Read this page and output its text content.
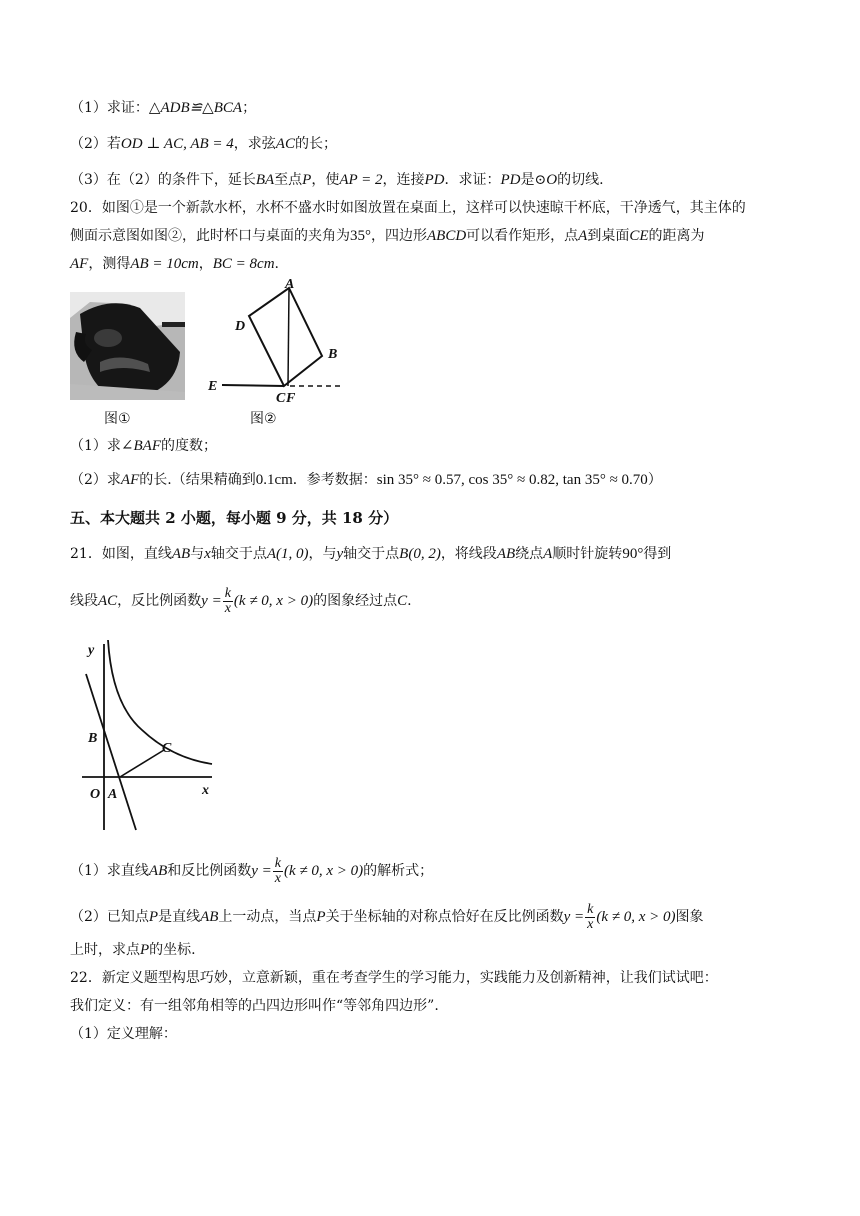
（1）求证：△ADB≌△BCA；
（2）若OD ⊥ AC, AB = 4，求弦AC的长；
（3）在（2）的条件下，延长BA至点P，使AP = 2，连接PD．求证：PD是⊙O的切线.
20．如图①是一个新款水杯，水杯不盛水时如图放置在桌面上，这样可以快速晾干杯底，干净透气，其主体的
侧面示意图如图②，此时杯口与桌面的夹角为35°，四边形ABCD可以看作矩形，点A到桌面CE的距离为
AF，测得AB = 10cm，BC = 8cm.
图①
A
B
D
E
C F
图②
（1）求∠BAF的度数；
（2）求AF的长.（结果精确到0.1cm．参考数据：sin 35° ≈ 0.57, cos 35° ≈ 0.82, tan 35° ≈ 0.70）
五、本大题共 2 小题，每小题 9 分，共 18 分）
21．如图，直线AB与x轴交于点A(1, 0)，与y轴交于点B(0, 2)，将线段AB绕点A顺时针旋转90°得到
线段AC，反比例函数$y = \frac{k}{x} (k \ne 0$, x > 0)的图象经过点C.
y
x
B
C
O A
（1）求直线AB和反比例函数$y = \frac{k}{x} (k \ne 0$, x > 0)的解析式；
（2）已知点P是直线AB上一动点，当点P关于坐标轴的对称点恰好在反比例函数$y = \frac{k}{x} (k \ne 0$, x > 0)图象
上时，求点P的坐标.
22．新定义题型构思巧妙，立意新颖，重在考查学生的学习能力，实践能力及创新精神，让我们试试吧：
我们定义：有一组邻角相等的凸四边形叫作“等邻角四边形”.
（1）定义理解：
